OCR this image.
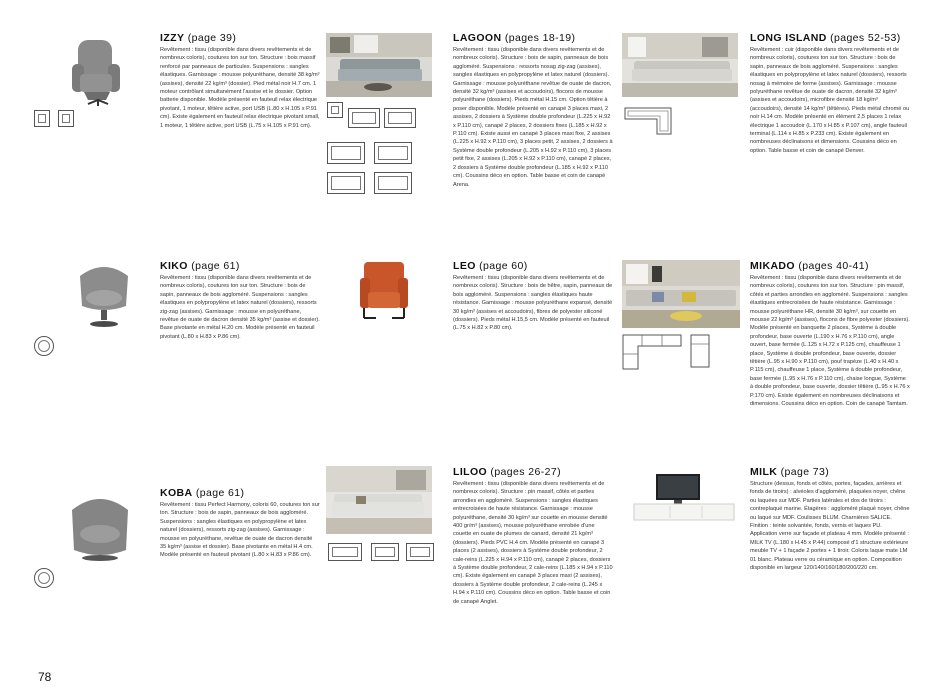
IZZY (page 39)

Revêtement : tissu (disponible dans divers revêtements et de nombreux coloris), coutures ton sur ton. Structure : bois massif renforcé par panneaux de particules. Suspensions : sangles élastiques. Garnissage : mousse polyuréthane, densité 38 kg/m³ (assises), densité 22 kg/m³ (dossier). Pied métal noir H.7 cm. 1 moteur contrôlant simultanément l'assise et le dossier. Option batterie disponible. Modèle présenté en fauteuil relax électrique pivotant, 1 moteur, têtière active, port USB (L.80 x H.105 x P.91 cm). Existe également en fauteuil relax électrique pivotant small, 1 moteur, 1 têtière active, port USB (L.75 x H.105 x P.91 cm).

LAGOON (pages 18-19)

Revêtement : tissu (disponible dans divers revêtements et de nombreux coloris). Structure : bois de sapin, panneaux de bois aggloméré. Suspensions : ressorts nosag zig-zag (assises), sangles élastiques en polypropylène et latex naturel (dossiers). Garnissage : mousse polyuréthane revêtue de ouate de dacron, densité 32 kg/m³ (assises et accoudoirs), flocons de mousse polyuréthane (dossiers). Pieds métal H.15 cm. Option têtière à poser disponible. Modèle présenté en canapé 3 places maxi, 2 assises, 2 dossiers à Système double profondeur (L.225 x H.92 x P.110 cm), canapé 2 places, 2 dossiers fixes (L.185 x H.92 x P.110 cm). Existe aussi en canapé 3 places maxi fixe, 2 assises (L.225 x H.92 x P.110 cm), 3 places petit, 2 assises, 2 dossiers à Système double profondeur (L.205 x H.92 x P.110 cm), 3 places petit fixe, 2 assises (L.205 x H.92 x P.110 cm), canapé 2 places, 2 dossiers à Système double profondeur (L.185 x H.92 x P.110 cm). Coussins déco en option. Table basse et coin de canapé Arena.

LONG ISLAND (pages 52-53)

Revêtement : cuir (disponible dans divers revêtements et de nombreux coloris), coutures ton sur ton. Structure : bois de sapin, panneaux de bois aggloméré. Suspensions : sangles élastiques en polypropylène et latex naturel (dossiers), ressorts nosag à mémoire de forme (assises). Garnissage : mousse polyuréthane revêtue de ouate de dacron, densité 32 kg/m³ (assises et accoudoirs), microfibre densité 18 kg/m³ (accoudoirs), densité 14 kg/m³ (têtières). Pieds métal chromé ou noir H.14 cm. Modèle présenté en élément 2,5 places 1 relax électrique 1 accoudoir (L.170 x H.85 x P.107 cm), angle fauteuil terminal (L.114 x H.85 x P.233 cm). Existe également en nombreuses déclinaisons et dimensions. Coussins déco en option. Table basse et coin de canapé Denver.

KIKO (page 61)

Revêtement : tissu (disponible dans divers revêtements et de nombreux coloris), coutures ton sur ton. Structure : bois de sapin, panneaux de bois aggloméré. Suspensions : sangles élastiques en polypropylène et latex naturel (dossiers), ressorts zig-zag (assises). Garnissage : mousse en polyuréthane, revêtue de ouate de dacron densité 35 kg/m³ (assise et dossier). Base pivotante en métal H.20 cm. Modèle présenté en fauteuil pivotant (L.80 x H.83 x P.86 cm).

LEO (page 60)

Revêtement : tissu (disponible dans divers revêtements et de nombreux coloris). Structure : bois de hêtre, sapin, panneaux de bois aggloméré. Suspensions : sangles élastiques haute résistance. Garnissage : mousse polyuréthane expansé, densité 30 kg/m³ (assises et accoudoirs), fibres de polyester siliconé (dossiers). Pieds métal H.15,5 cm. Modèle présenté en fauteuil (L.75 x H.82 x P.80 cm).

MIKADO (pages 40-41)

Revêtement : tissu (disponible dans divers revêtements et de nombreux coloris), coutures ton sur ton. Structure : pin massif, côtés et parties arrondies en aggloméré. Suspensions : sangles élastiques entrecroisées de haute résistance. Garnissage : mousse polyuréthane HR, densité 30 kg/m³, sur couette en mousse 22 kg/m³ (assises), flocons de fibre polyester (dossiers). Modèle présenté en banquette 2 places, Système à double profondeur, base ouverte (L.190 x H.76 x P.110 cm), angle ouvert, base fermée (L.125 x H.72 x P.125 cm), chauffeuse 1 place, Système à double profondeur, base ouverte, dossier têtière (L.95 x H.90 x P.110 cm), pouf trapèze (L.40 x H.40 x P.115 cm), chauffeuse 1 place, Système à double profondeur, base fermée (L.95 x H.76 x P.110 cm), chaise longue, Système à double profondeur, base ouverte, dossier têtière (L.95 x H.76 x P.170 cm). Existe également en nombreuses déclinaisons et dimensions. Coussins déco en option. Coin de canapé Tamtam.

KOBA (page 61)

Revêtement : tissu Perfect Harmony, coloris 60, coutures ton sur ton. Structure : bois de sapin, panneaux de bois aggloméré. Suspensions : sangles élastiques en polypropylène et latex naturel (dossiers), ressorts zig-zag (assises). Garnissage : mousse en polyuréthane, revêtue de ouate de dacron densité 35 kg/m³ (assise et dossier). Base pivotante en métal H.4 cm. Modèle présenté en fauteuil pivotant (L.80 x H.83 x P.86 cm).

LILOO (pages 26-27)

Revêtement : tissu (disponible dans divers revêtements et de nombreux coloris). Structure : pin massif, côtés et parties arrondies en aggloméré. Suspensions : sangles élastiques entrecroisées de haute résistance. Garnissage : mousse polyuréthane, densité 30 kg/m³ sur couette en mousse densité 400 gr/m³ (assises), mousse polyuréthane enrobée d'une couette en ouate de plumes de canard, densité 21 kg/m³ (dossiers). Pieds PVC H.4 cm. Modèle présenté en canapé 3 places (2 assises), dossiers à Système double profondeur, 2 cale-reins (L.225 x H.94 x P.110 cm), canapé 2 places, dossiers à Système double profondeur, 2 cale-reins (L.185 x H.94 x P.110 cm). Existe également en canapé 3 places maxi (2 assises), dossiers à Système double profondeur, 2 cale-reins (L.245 x H.94 x P.110 cm). Coussins déco en option. Table basse et coin de canapé Anglet.

MILK (page 73)

Structure (dessus, fonds et côtés, portes, façades, arrières et fonds de tiroirs) : alvéoles d'aggloméré, plaquées noyer, chêne ou laquées sur MDF. Parties latérales et dos de tiroirs : contreplaqué marine. Étagères : aggloméré plaqué noyer, chêne ou laqué sur MDF. Coulisses BLUM. Charnières SALICE. Finition : teinte solvantée, fonds, vernis et laques PU. Application verre sur façade et plateau 4 mm. Modèle présenté : MILK TV (L.180 x H.45 x P.44) composé d'1 structure extérieure meuble TV + 1 façade 2 portes + 1 tiroir. Coloris laque mate LM 01 blanc. Plateau verre ou céramique en option. Composition disponible en largeur 120/140/160/180/200/220 cm.

78
